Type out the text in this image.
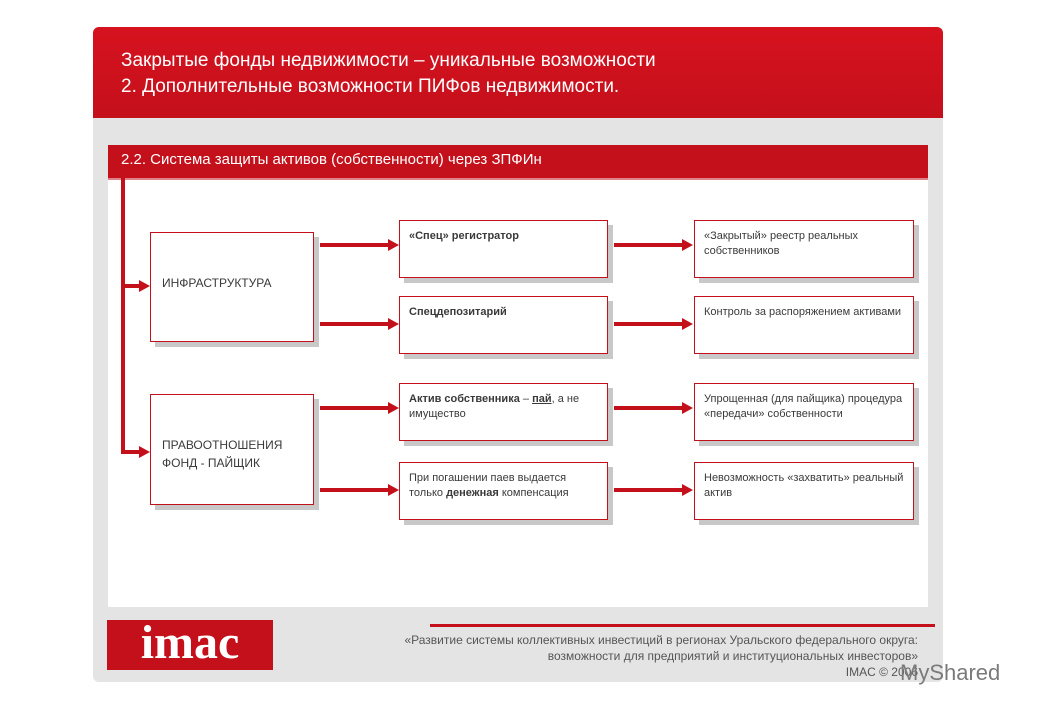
Закрытые фонды недвижимости – уникальные возможности
2. Дополнительные возможности ПИФов недвижимости.
2.2. Система защиты активов (собственности) через ЗПФИн
ИНФРАСТРУКТУРА
ПРАВООТНОШЕНИЯ
ФОНД - ПАЙЩИК
«Спец» регистратор
Спецдепозитарий
Актив собственника – пай, а не имущество
При погашении паев выдается только денежная компенсация
«Закрытый» реестр реальных собственников
Контроль за распоряжением активами
Упрощенная (для пайщика) процедура «передачи» собственности
Невозможность «захватить» реальный актив
imac	«Развитие системы коллективных инвестиций в регионах Уральского федерального округа:
возможности для предприятий и институциональных инвесторов»
IMAC © 2006
MyShared
